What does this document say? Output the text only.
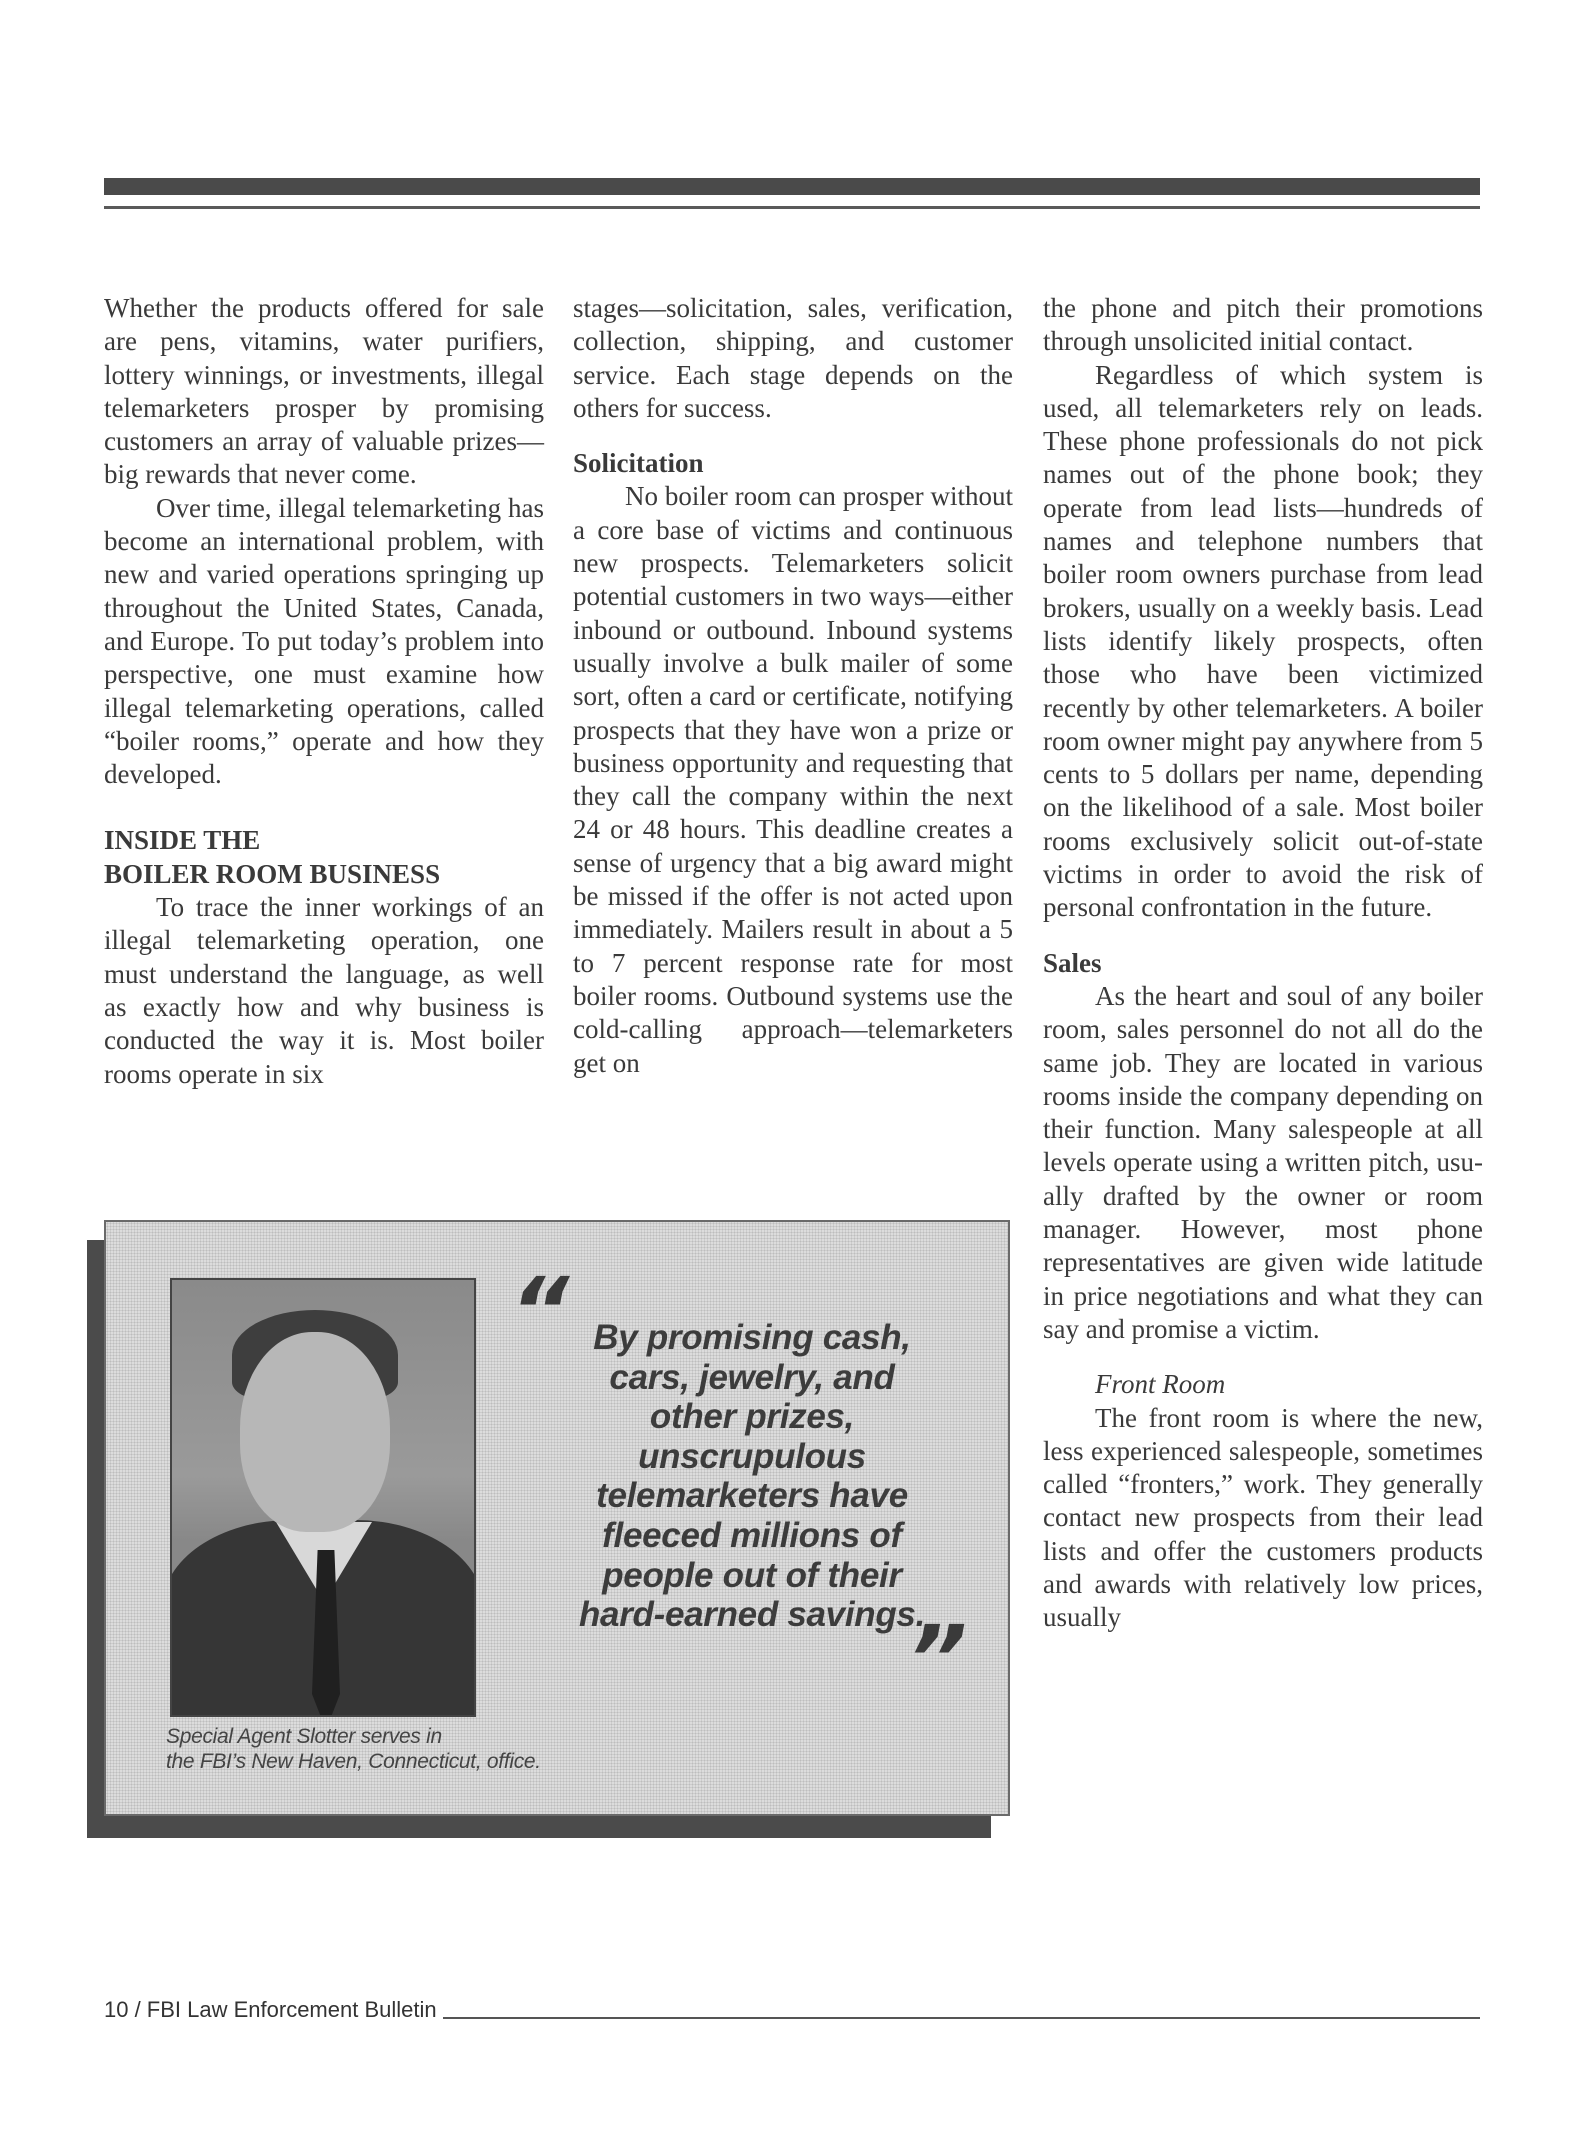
Whether the products offered for sale are pens, vitamins, water purifiers, lottery winnings, or investments, illegal telemarketers prosper by promising customers an array of valuable prizes—big rewards that never come.

Over time, illegal telemarketing has become an international problem, with new and varied operations springing up throughout the United States, Canada, and Europe. To put today’s problem into perspective, one must examine how illegal telemarketing operations, called “boiler rooms,” operate and how they developed.

INSIDE THE
BOILER ROOM BUSINESS

To trace the inner workings of an illegal telemarketing operation, one must understand the language, as well as exactly how and why business is conducted the way it is. Most boiler rooms operate in six

stages—solicitation, sales, verification, collection, shipping, and customer service. Each stage depends on the others for success.

Solicitation

No boiler room can prosper without a core base of victims and continuous new prospects. Telemarketers solicit potential customers in two ways—either inbound or outbound. Inbound systems usually involve a bulk mailer of some sort, often a card or certificate, notifying prospects that they have won a prize or business opportunity and requesting that they call the company within the next 24 or 48 hours. This deadline creates a sense of urgency that a big award might be missed if the offer is not acted upon immediately. Mailers result in about a 5 to 7 percent response rate for most boiler rooms. Outbound systems use the cold-calling approach—telemarketers get on

the phone and pitch their promotions through unsolicited initial contact.

Regardless of which system is used, all telemarketers rely on leads. These phone professionals do not pick names out of the phone book; they operate from lead lists—hundreds of names and telephone numbers that boiler room owners purchase from lead brokers, usually on a weekly basis. Lead lists identify likely prospects, often those who have been victimized recently by other telemarketers. A boiler room owner might pay anywhere from 5 cents to 5 dollars per name, depending on the likelihood of a sale. Most boiler rooms exclusively solicit out-of-state victims in order to avoid the risk of personal confrontation in the future.

Sales

As the heart and soul of any boiler room, sales personnel do not all do the same job. They are located in various rooms inside the company depending on their function. Many salespeople at all levels operate using a written pitch, usually drafted by the owner or room manager. However, most phone representatives are given wide latitude in price negotiations and what they can say and promise a victim.

Front Room

The front room is where the new, less experienced salespeople, sometimes called “fronters,” work. They generally contact new prospects from their lead lists and offer the customers products and awards with relatively low prices, usually

“ By promising cash,
cars, jewelry, and
other prizes,
unscrupulous
telemarketers have
fleeced millions of
people out of their
hard-earned savings.
”
Special Agent Slotter serves in
the FBI’s New Haven, Connecticut, office.
10 / FBI Law Enforcement Bulletin
